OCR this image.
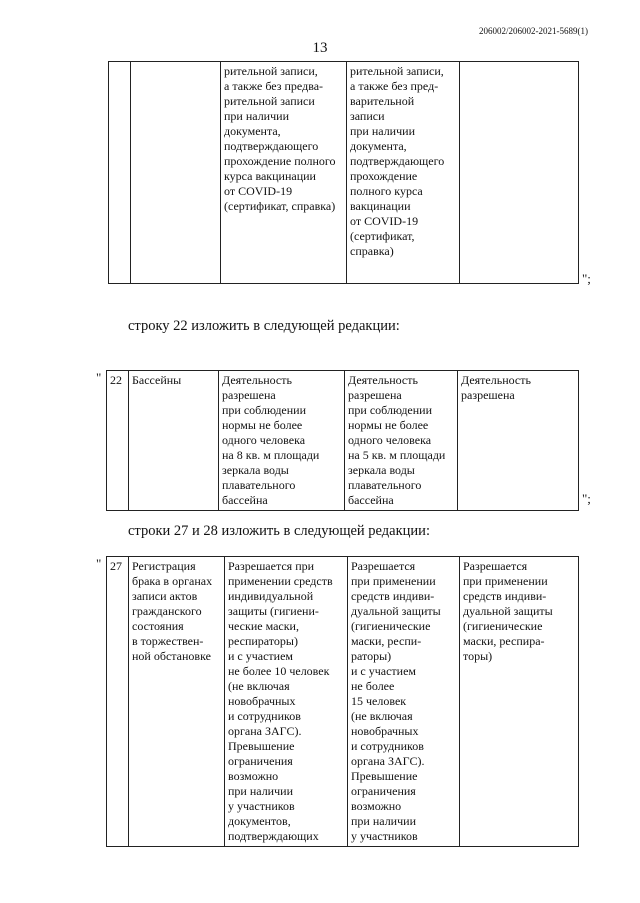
206002/206002-2021-5689(1)
13
		рительной записи,
а также без предва-
рительной записи
при наличии
документа,
подтверждающего
прохождение полного
курса вакцинации
от COVID-19
(сертификат, справка)	рительной записи,
а также без пред-
варительной
записи
при наличии
документа,
подтверждающего
прохождение
полного курса
вакцинации
от COVID-19
(сертификат,
справка)	
";
строку 22 изложить в следующей редакции:
" 22	Бассейны	Деятельность
разрешена
при соблюдении
нормы не более
одного человека
на 8 кв. м площади
зеркала воды
плавательного
бассейна	Деятельность
разрешена
при соблюдении
нормы не более
одного человека
на 5 кв. м площади
зеркала воды
плавательного
бассейна	Деятельность
разрешена
";
строки 27 и 28 изложить в следующей редакции:
" 27	Регистрация
брака в органах
записи актов
гражданского
состояния
в торжествен-
ной обстановке	Разрешается при
применении средств
индивидуальной
защиты (гигиени-
ческие маски,
респираторы)
и с участием
не более 10 человек
(не включая
новобрачных
и сотрудников
органа ЗАГС).
Превышение
ограничения
возможно
при наличии
у участников
документов,
подтверждающих	Разрешается
при применении
средств индиви-
дуальной защиты
(гигиенические
маски, респи-
раторы)
и с участием
не более
15 человек
(не включая
новобрачных
и сотрудников
органа ЗАГС).
Превышение
ограничения
возможно
при наличии
у участников	Разрешается
при применении
средств индиви-
дуальной защиты
(гигиенические
маски, респира-
торы)
